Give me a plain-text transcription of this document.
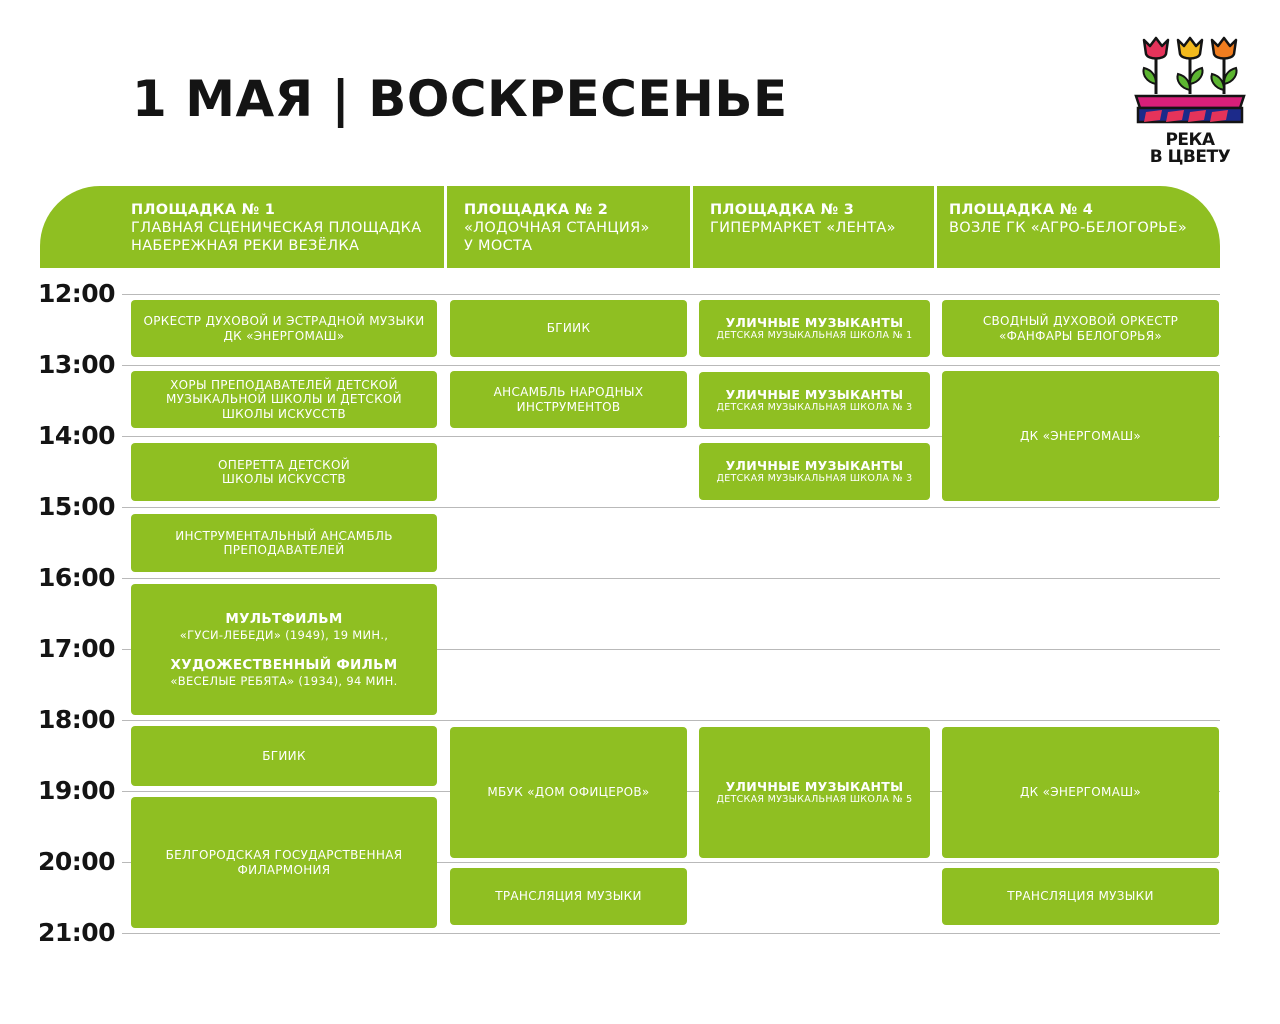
1 МАЯ | ВОСКРЕСЕНЬЕ
РЕКА
В ЦВЕТУ
ПЛОЩАДКА № 1
ГЛАВНАЯ СЦЕНИЧЕСКАЯ ПЛОЩАДКА
НАБЕРЕЖНАЯ РЕКИ ВЕЗЁЛКА
ПЛОЩАДКА № 2
«ЛОДОЧНАЯ СТАНЦИЯ»
У МОСТА
ПЛОЩАДКА № 3
ГИПЕРМАРКЕТ «ЛЕНТА»
ПЛОЩАДКА № 4
ВОЗЛЕ ГК «АГРО-БЕЛОГОРЬЕ»
12:00
13:00
14:00
15:00
16:00
17:00
18:00
19:00
20:00
21:00
ОРКЕСТР ДУХОВОЙ И ЭСТРАДНОЙ МУЗЫКИ
ДК «ЭНЕРГОМАШ»
ХОРЫ ПРЕПОДАВАТЕЛЕЙ ДЕТСКОЙ
МУЗЫКАЛЬНОЙ ШКОЛЫ И ДЕТСКОЙ
ШКОЛЫ ИСКУССТВ
ОПЕРЕТТА ДЕТСКОЙ
ШКОЛЫ ИСКУССТВ
ИНСТРУМЕНТАЛЬНЫЙ АНСАМБЛЬ
ПРЕПОДАВАТЕЛЕЙ
МУЛЬТФИЛЬМ
«ГУСИ-ЛЕБЕДИ» (1949), 19 МИН.,
ХУДОЖЕСТВЕННЫЙ ФИЛЬМ
«ВЕСЕЛЫЕ РЕБЯТА» (1934), 94 МИН.
БГИИК
БЕЛГОРОДСКАЯ ГОСУДАРСТВЕННАЯ
ФИЛАРМОНИЯ
БГИИК
АНСАМБЛЬ НАРОДНЫХ
ИНСТРУМЕНТОВ
МБУК «ДОМ ОФИЦЕРОВ»
ТРАНСЛЯЦИЯ МУЗЫКИ
УЛИЧНЫЕ МУЗЫКАНТЫ
ДЕТСКАЯ МУЗЫКАЛЬНАЯ ШКОЛА № 1
УЛИЧНЫЕ МУЗЫКАНТЫ
ДЕТСКАЯ МУЗЫКАЛЬНАЯ ШКОЛА № 3
УЛИЧНЫЕ МУЗЫКАНТЫ
ДЕТСКАЯ МУЗЫКАЛЬНАЯ ШКОЛА № 3
УЛИЧНЫЕ МУЗЫКАНТЫ
ДЕТСКАЯ МУЗЫКАЛЬНАЯ ШКОЛА № 5
СВОДНЫЙ ДУХОВОЙ ОРКЕСТР
«ФАНФАРЫ БЕЛОГОРЬЯ»
ДК «ЭНЕРГОМАШ»
ДК «ЭНЕРГОМАШ»
ТРАНСЛЯЦИЯ МУЗЫКИ
